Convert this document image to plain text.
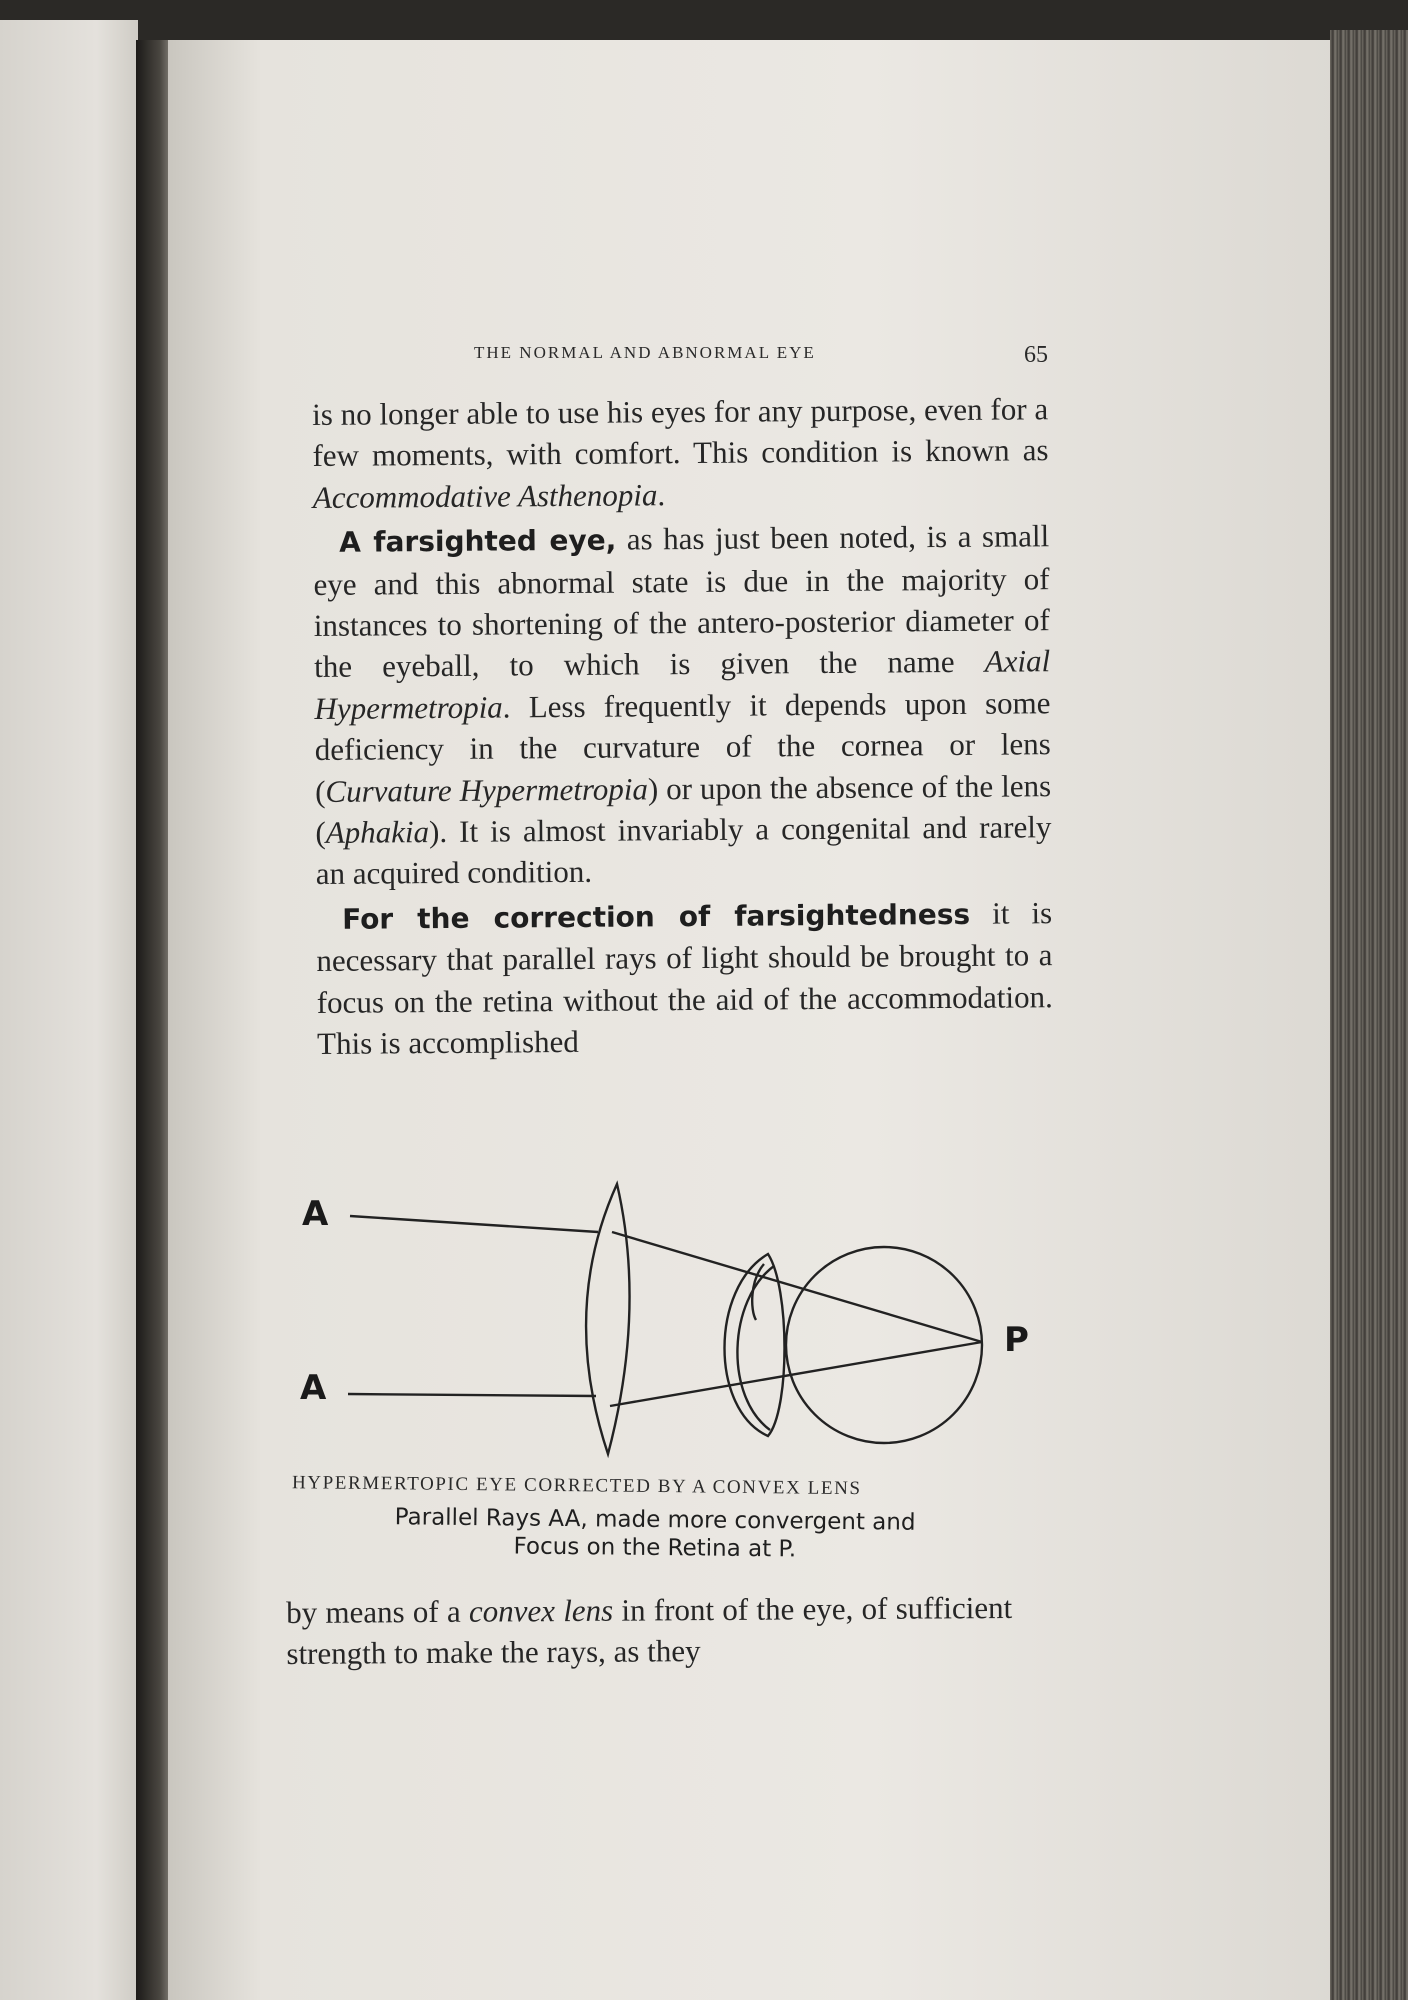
THE NORMAL AND ABNORMAL EYE	65

is no longer able to use his eyes for any purpose, even for a few moments, with comfort. This condition is known as Accommodative Asthenopia.

A farsighted eye, as has just been noted, is a small eye and this abnormal state is due in the majority of instances to shortening of the antero-posterior diameter of the eyeball, to which is given the name Axial Hypermetropia. Less frequently it depends upon some deficiency in the curvature of the cornea or lens (Curvature Hypermetropia) or upon the absence of the lens (Aphakia). It is almost invariably a congenital and rarely an acquired condition.

For the correction of farsightedness it is necessary that parallel rays of light should be brought to a focus on the retina without the aid of the accommodation. This is accomplished

A
A
P
HYPERMERTOPIC EYE CORRECTED BY A CONVEX LENS
Parallel Rays AA, made more convergent and
Focus on the Retina at P.

by means of a convex lens in front of the eye, of sufficient strength to make the rays, as they
